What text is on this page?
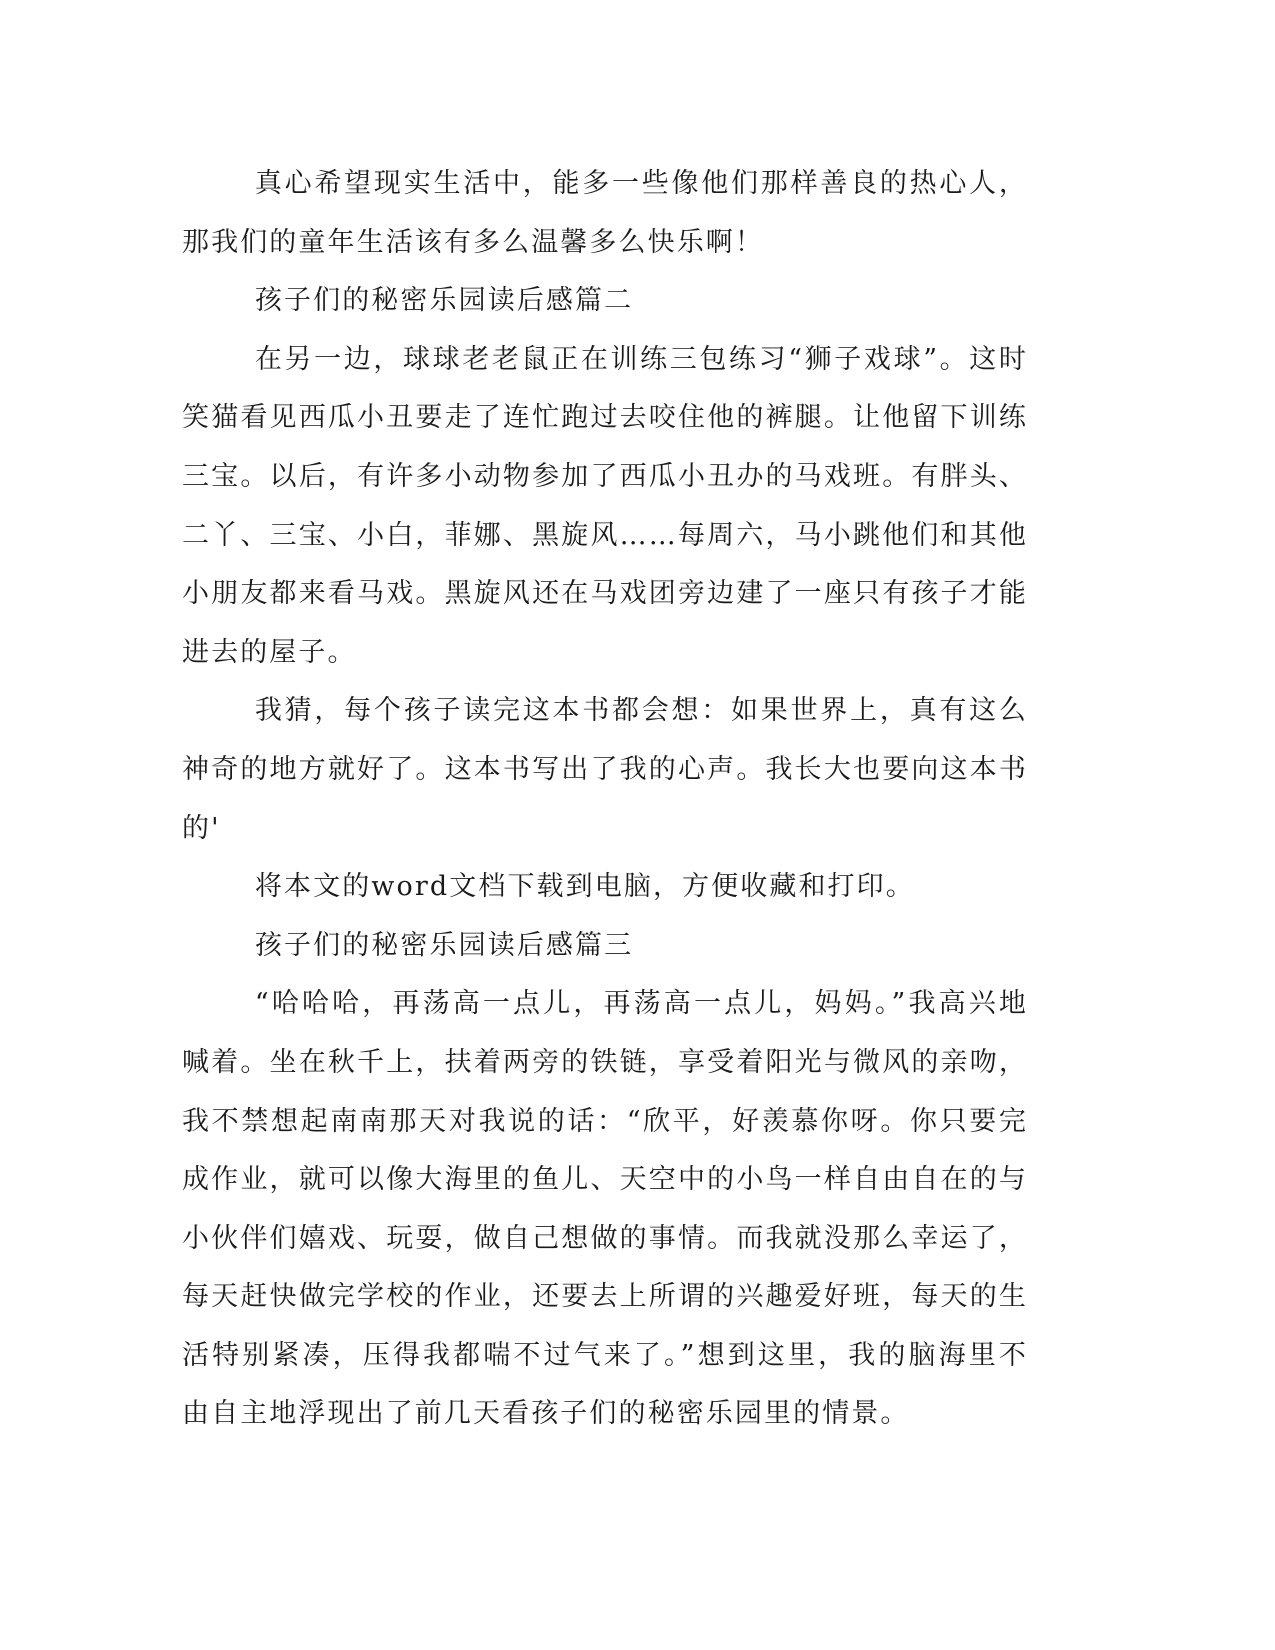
真心希望现实生活中，能多一些像他们那样善良的热心人，那我们的童年生活该有多么温馨多么快乐啊！

孩子们的秘密乐园读后感篇二

在另一边，球球老老鼠正在训练三包练习“狮子戏球”。这时笑猫看见西瓜小丑要走了连忙跑过去咬住他的裤腿。让他留下训练三宝。以后，有许多小动物参加了西瓜小丑办的马戏班。有胖头、二丫、三宝、小白，菲娜、黑旋风……每周六，马小跳他们和其他小朋友都来看马戏。黑旋风还在马戏团旁边建了一座只有孩子才能进去的屋子。

我猜，每个孩子读完这本书都会想：如果世界上，真有这么神奇的地方就好了。这本书写出了我的心声。我长大也要向这本书的'

将本文的word文档下载到电脑，方便收藏和打印。

孩子们的秘密乐园读后感篇三

“哈哈哈，再荡高一点儿，再荡高一点儿，妈妈。”我高兴地喊着。坐在秋千上，扶着两旁的铁链，享受着阳光与微风的亲吻，我不禁想起南南那天对我说的话：“欣平，好羡慕你呀。你只要完成作业，就可以像大海里的鱼儿、天空中的小鸟一样自由自在的与小伙伴们嬉戏、玩耍，做自己想做的事情。而我就没那么幸运了，每天赶快做完学校的作业，还要去上所谓的兴趣爱好班，每天的生活特别紧凑，压得我都喘不过气来了。”想到这里，我的脑海里不由自主地浮现出了前几天看孩子们的秘密乐园里的情景。
